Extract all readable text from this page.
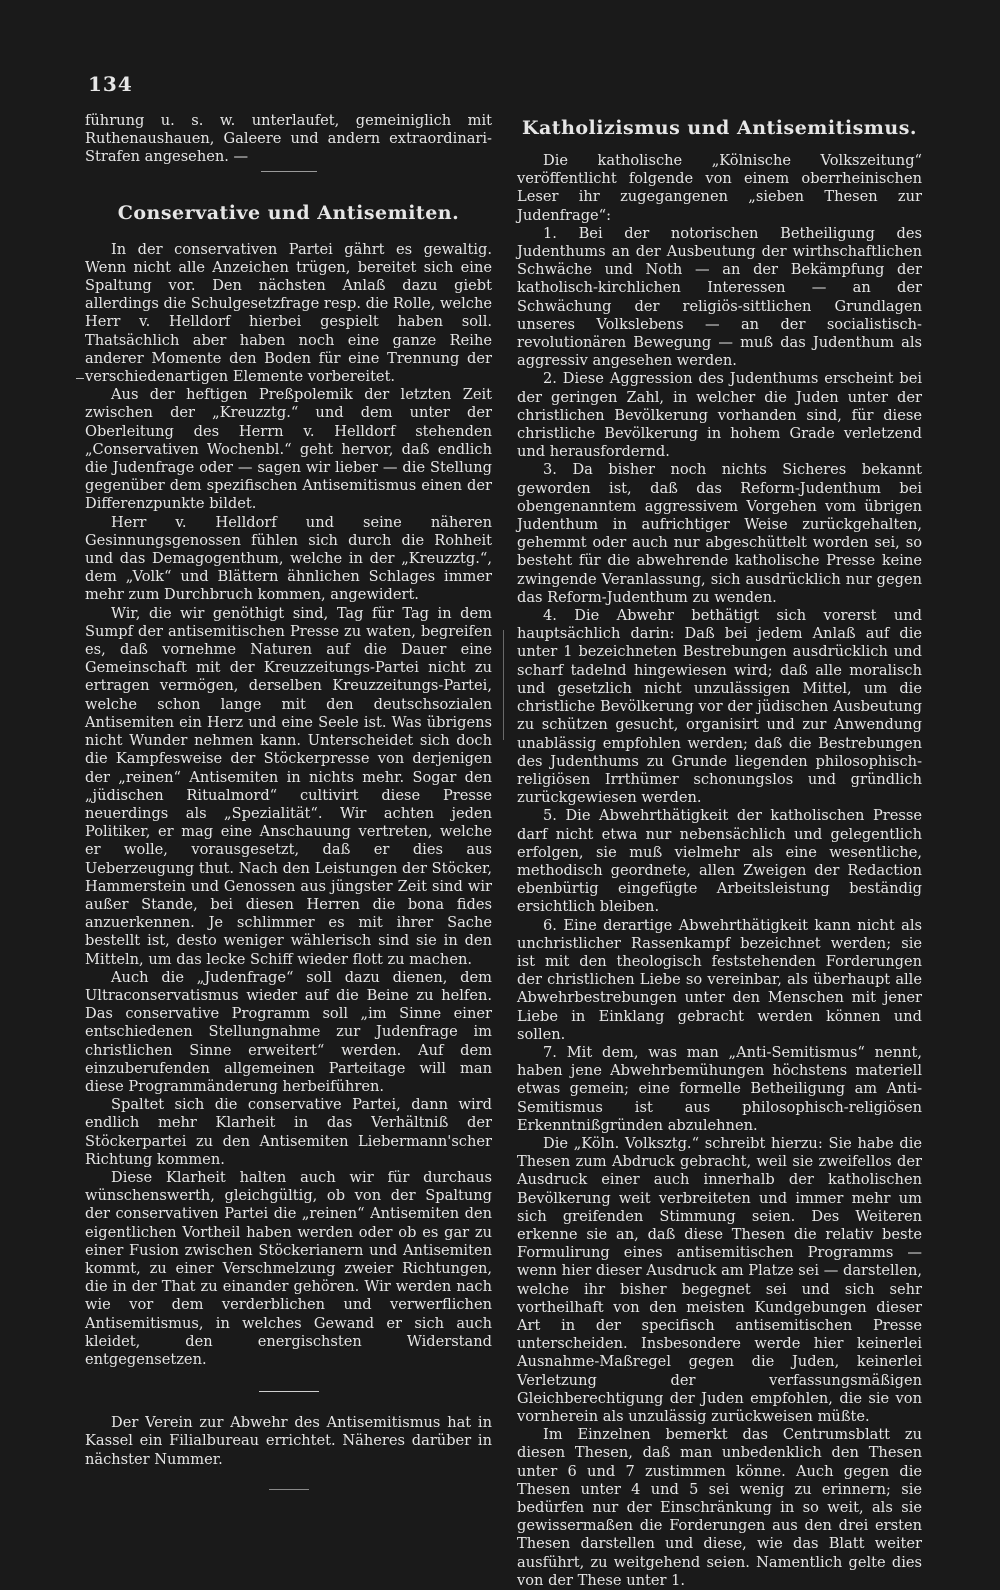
134

führung u. s. w. unterlaufet, gemeiniglich mit Ruthenaushauen, Galeere und andern extraordinari-Strafen angesehen. —

Conservative und Antisemiten.

In der conservativen Partei gährt es gewaltig. Wenn nicht alle Anzeichen trügen, bereitet sich eine Spaltung vor. Den nächsten Anlaß dazu giebt allerdings die Schulgesetzfrage resp. die Rolle, welche Herr v. Helldorf hierbei gespielt haben soll. Thatsächlich aber haben noch eine ganze Reihe anderer Momente den Boden für eine Trennung der verschiedenartigen Elemente vorbereitet.

Aus der heftigen Preßpolemik der letzten Zeit zwischen der „Kreuzztg.“ und dem unter der Oberleitung des Herrn v. Helldorf stehenden „Conservativen Wochenbl.“ geht hervor, daß endlich die Judenfrage oder — sagen wir lieber — die Stellung gegenüber dem spezifischen Antisemitismus einen der Differenzpunkte bildet.

Herr v. Helldorf und seine näheren Gesinnungsgenossen fühlen sich durch die Rohheit und das Demagogenthum, welche in der „Kreuzztg.“, dem „Volk“ und Blättern ähnlichen Schlages immer mehr zum Durchbruch kommen, angewidert.

Wir, die wir genöthigt sind, Tag für Tag in dem Sumpf der antisemitischen Presse zu waten, begreifen es, daß vornehme Naturen auf die Dauer eine Gemeinschaft mit der Kreuzzeitungs-Partei nicht zu ertragen vermögen, derselben Kreuzzeitungs-Partei, welche schon lange mit den deutschsozialen Antisemiten ein Herz und eine Seele ist. Was übrigens nicht Wunder nehmen kann. Unterscheidet sich doch die Kampfesweise der Stöckerpresse von derjenigen der „reinen“ Antisemiten in nichts mehr. Sogar den „jüdischen Ritualmord“ cultivirt diese Presse neuerdings als „Spezialität“. Wir achten jeden Politiker, er mag eine Anschauung vertreten, welche er wolle, vorausgesetzt, daß er dies aus Ueberzeugung thut. Nach den Leistungen der Stöcker, Hammerstein und Genossen aus jüngster Zeit sind wir außer Stande, bei diesen Herren die bona fides anzuerkennen. Je schlimmer es mit ihrer Sache bestellt ist, desto weniger wählerisch sind sie in den Mitteln, um das lecke Schiff wieder flott zu machen.

Auch die „Judenfrage“ soll dazu dienen, dem Ultraconservatismus wieder auf die Beine zu helfen. Das conservative Programm soll „im Sinne einer entschiedenen Stellungnahme zur Judenfrage im christlichen Sinne erweitert“ werden. Auf dem einzuberufenden allgemeinen Parteitage will man diese Programmänderung herbeiführen.

Spaltet sich die conservative Partei, dann wird endlich mehr Klarheit in das Verhältniß der Stöckerpartei zu den Antisemiten Liebermann'scher Richtung kommen.

Diese Klarheit halten auch wir für durchaus wünschenswerth, gleichgültig, ob von der Spaltung der conservativen Partei die „reinen“ Antisemiten den eigentlichen Vortheil haben werden oder ob es gar zu einer Fusion zwischen Stöckerianern und Antisemiten kommt, zu einer Verschmelzung zweier Richtungen, die in der That zu einander gehören. Wir werden nach wie vor dem verderblichen und verwerflichen Antisemitismus, in welches Gewand er sich auch kleidet, den energischsten Widerstand entgegensetzen.

Der Verein zur Abwehr des Antisemitismus hat in Kassel ein Filialbureau errichtet. Näheres darüber in nächster Nummer.

Katholizismus und Antisemitismus.

Die katholische „Kölnische Volkszeitung“ veröffentlicht folgende von einem oberrheinischen Leser ihr zugegangenen „sieben Thesen zur Judenfrage“:

1. Bei der notorischen Betheiligung des Judenthums an der Ausbeutung der wirthschaftlichen Schwäche und Noth — an der Bekämpfung der katholisch-kirchlichen Interessen — an der Schwächung der religiös-sittlichen Grundlagen unseres Volkslebens — an der socialistisch-revolutionären Bewegung — muß das Judenthum als aggressiv angesehen werden.

2. Diese Aggression des Judenthums erscheint bei der geringen Zahl, in welcher die Juden unter der christlichen Bevölkerung vorhanden sind, für diese christliche Bevölkerung in hohem Grade verletzend und herausfordernd.

3. Da bisher noch nichts Sicheres bekannt geworden ist, daß das Reform-Judenthum bei obengenanntem aggressivem Vorgehen vom übrigen Judenthum in aufrichtiger Weise zurückgehalten, gehemmt oder auch nur abgeschüttelt worden sei, so besteht für die abwehrende katholische Presse keine zwingende Veranlassung, sich ausdrücklich nur gegen das Reform-Judenthum zu wenden.

4. Die Abwehr bethätigt sich vorerst und hauptsächlich darin: Daß bei jedem Anlaß auf die unter 1 bezeichneten Bestrebungen ausdrücklich und scharf tadelnd hingewiesen wird; daß alle moralisch und gesetzlich nicht unzulässigen Mittel, um die christliche Bevölkerung vor der jüdischen Ausbeutung zu schützen gesucht, organisirt und zur Anwendung unablässig empfohlen werden; daß die Bestrebungen des Judenthums zu Grunde liegenden philosophisch-religiösen Irrthümer schonungslos und gründlich zurückgewiesen werden.

5. Die Abwehrthätigkeit der katholischen Presse darf nicht etwa nur nebensächlich und gelegentlich erfolgen, sie muß vielmehr als eine wesentliche, methodisch geordnete, allen Zweigen der Redaction ebenbürtig eingefügte Arbeitsleistung beständig ersichtlich bleiben.

6. Eine derartige Abwehrthätigkeit kann nicht als unchristlicher Rassenkampf bezeichnet werden; sie ist mit den theologisch feststehenden Forderungen der christlichen Liebe so vereinbar, als überhaupt alle Abwehrbestrebungen unter den Menschen mit jener Liebe in Einklang gebracht werden können und sollen.

7. Mit dem, was man „Anti-Semitismus“ nennt, haben jene Abwehrbemühungen höchstens materiell etwas gemein; eine formelle Betheiligung am Anti-Semitismus ist aus philosophisch-religiösen Erkenntnißgründen abzulehnen.

Die „Köln. Volksztg.“ schreibt hierzu: Sie habe die Thesen zum Abdruck gebracht, weil sie zweifellos der Ausdruck einer auch innerhalb der katholischen Bevölkerung weit verbreiteten und immer mehr um sich greifenden Stimmung seien. Des Weiteren erkenne sie an, daß diese Thesen die relativ beste Formulirung eines antisemitischen Programms — wenn hier dieser Ausdruck am Platze sei — darstellen, welche ihr bisher begegnet sei und sich sehr vortheilhaft von den meisten Kundgebungen dieser Art in der specifisch antisemitischen Presse unterscheiden. Insbesondere werde hier keinerlei Ausnahme-Maßregel gegen die Juden, keinerlei Verletzung der verfassungsmäßigen Gleichberechtigung der Juden empfohlen, die sie von vornherein als unzulässig zurückweisen müßte.

Im Einzelnen bemerkt das Centrumsblatt zu diesen Thesen, daß man unbedenklich den Thesen unter 6 und 7 zustimmen könne. Auch gegen die Thesen unter 4 und 5 sei wenig zu erinnern; sie bedürfen nur der Einschränkung in so weit, als sie gewissermaßen die Forderungen aus den drei ersten Thesen darstellen und diese, wie das Blatt weiter ausführt, zu weitgehend seien. Namentlich gelte dies von der These unter 1.
